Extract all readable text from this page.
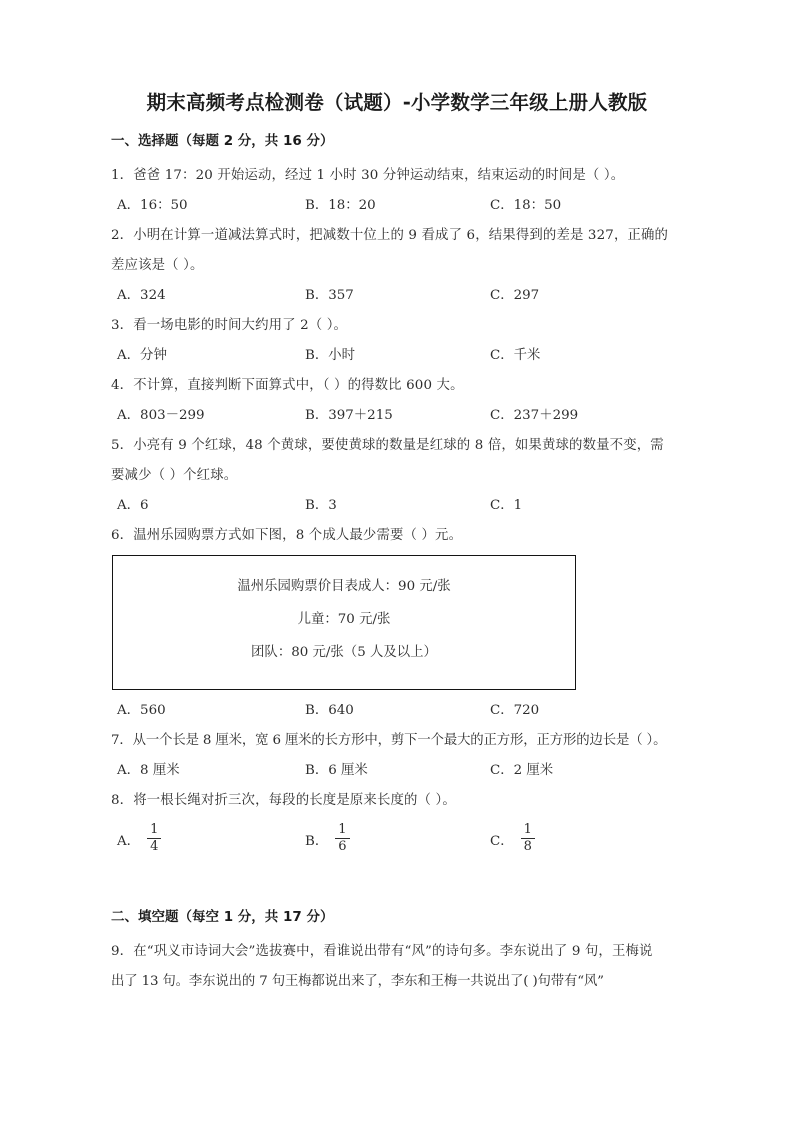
期末高频考点检测卷（试题）-小学数学三年级上册人教版
一、选择题（每题 2 分，共 16 分）

1．爸爸 17：20 开始运动，经过 1 小时 30 分钟运动结束，结束运动的时间是（ ）。

A．16：50	B．18：20	C．18：50

2．小明在计算一道减法算式时，把减数十位上的 9 看成了 6，结果得到的差是 327，正确的

差应该是（ ）。

A．324	B．357	C．297

3．看一场电影的时间大约用了 2（ ）。

A．分钟	B．小时	C．千米

4．不计算，直接判断下面算式中，（ ）的得数比 600 大。

A．803－299	B．397＋215	C．237＋299

5．小亮有 9 个红球，48 个黄球，要使黄球的数量是红球的 8 倍，如果黄球的数量不变，需

要减少（ ）个红球。

A．6	B．3	C．1

6．温州乐园购票方式如下图，8 个成人最少需要（ ）元。

温州乐园购票价目表成人：90 元/张
儿童：70 元/张
团队：80 元/张（5 人及以上）
A．560	B．640	C．720

7．从一个长是 8 厘米，宽 6 厘米的长方形中，剪下一个最大的正方形，正方形的边长是（ ）。

A．8 厘米	B．6 厘米	C．2 厘米

8．将一根长绳对折三次，每段的长度是原来长度的（ ）。

A． $\frac{1}{4}$	B． $\frac{1}{6}$	C． $\frac{1}{8}$
二、填空题（每空 1 分，共 17 分）

9．在“巩义市诗词大会”选拔赛中，看谁说出带有“风”的诗句多。李东说出了 9 句，王梅说

出了 13 句。李东说出的 7 句王梅都说出来了，李东和王梅一共说出了( )句带有“风”
